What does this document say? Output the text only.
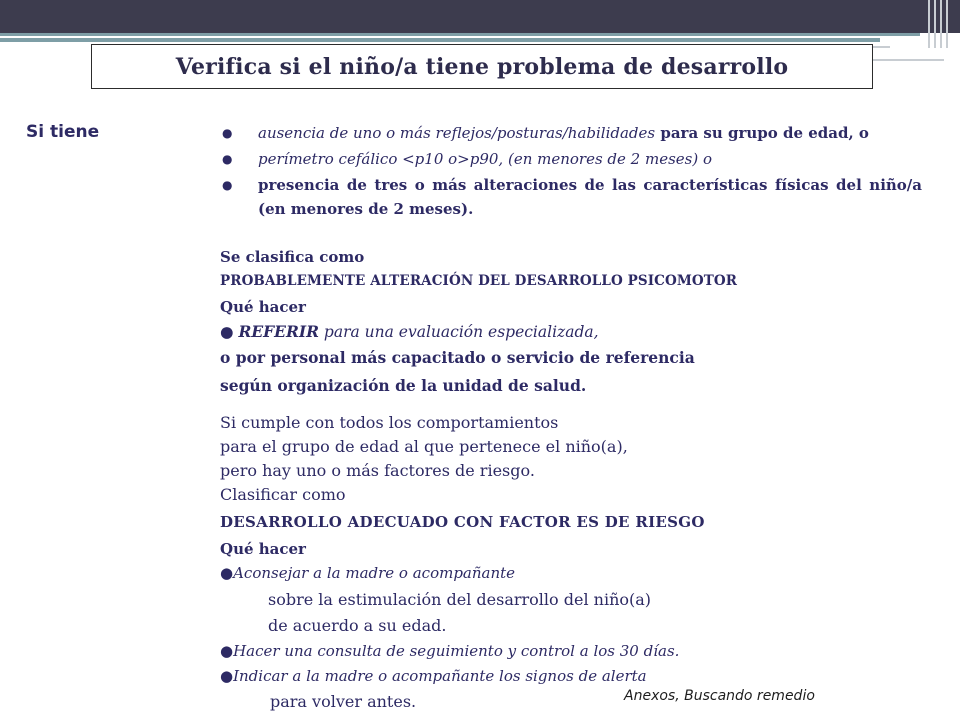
Verifica si el niño/a tiene problema de desarrollo
Si tiene	● ausencia de uno o más reflejos/posturas/habilidades para su grupo de edad, o
● perímetro cefálico <p10 o>p90, (en menores de 2 meses) o
● presencia de tres o más alteraciones de las características físicas del niño/a (en menores de 2 meses).
Se clasifica como
PROBABLEMENTE ALTERACIÓN DEL DESARROLLO PSICOMOTOR
Qué hacer
● REFERIR para una evaluación especializada,
o por personal más capacitado o servicio de referencia
según organización de la unidad de salud.
Si cumple con todos los comportamientos
para el grupo de edad al que pertenece el niño(a),
pero hay uno o más factores de riesgo.
Clasificar como
DESARROLLO ADECUADO CON FACTOR ES DE RIESGO
Qué hacer
●Aconsejar a la madre o acompañante
sobre la estimulación del desarrollo del niño(a)
de acuerdo a su edad.
●Hacer una consulta de seguimiento y control a los 30 días.
●Indicar a la madre o acompañante los signos de alerta
para volver antes.	Anexos, Buscando remedio
